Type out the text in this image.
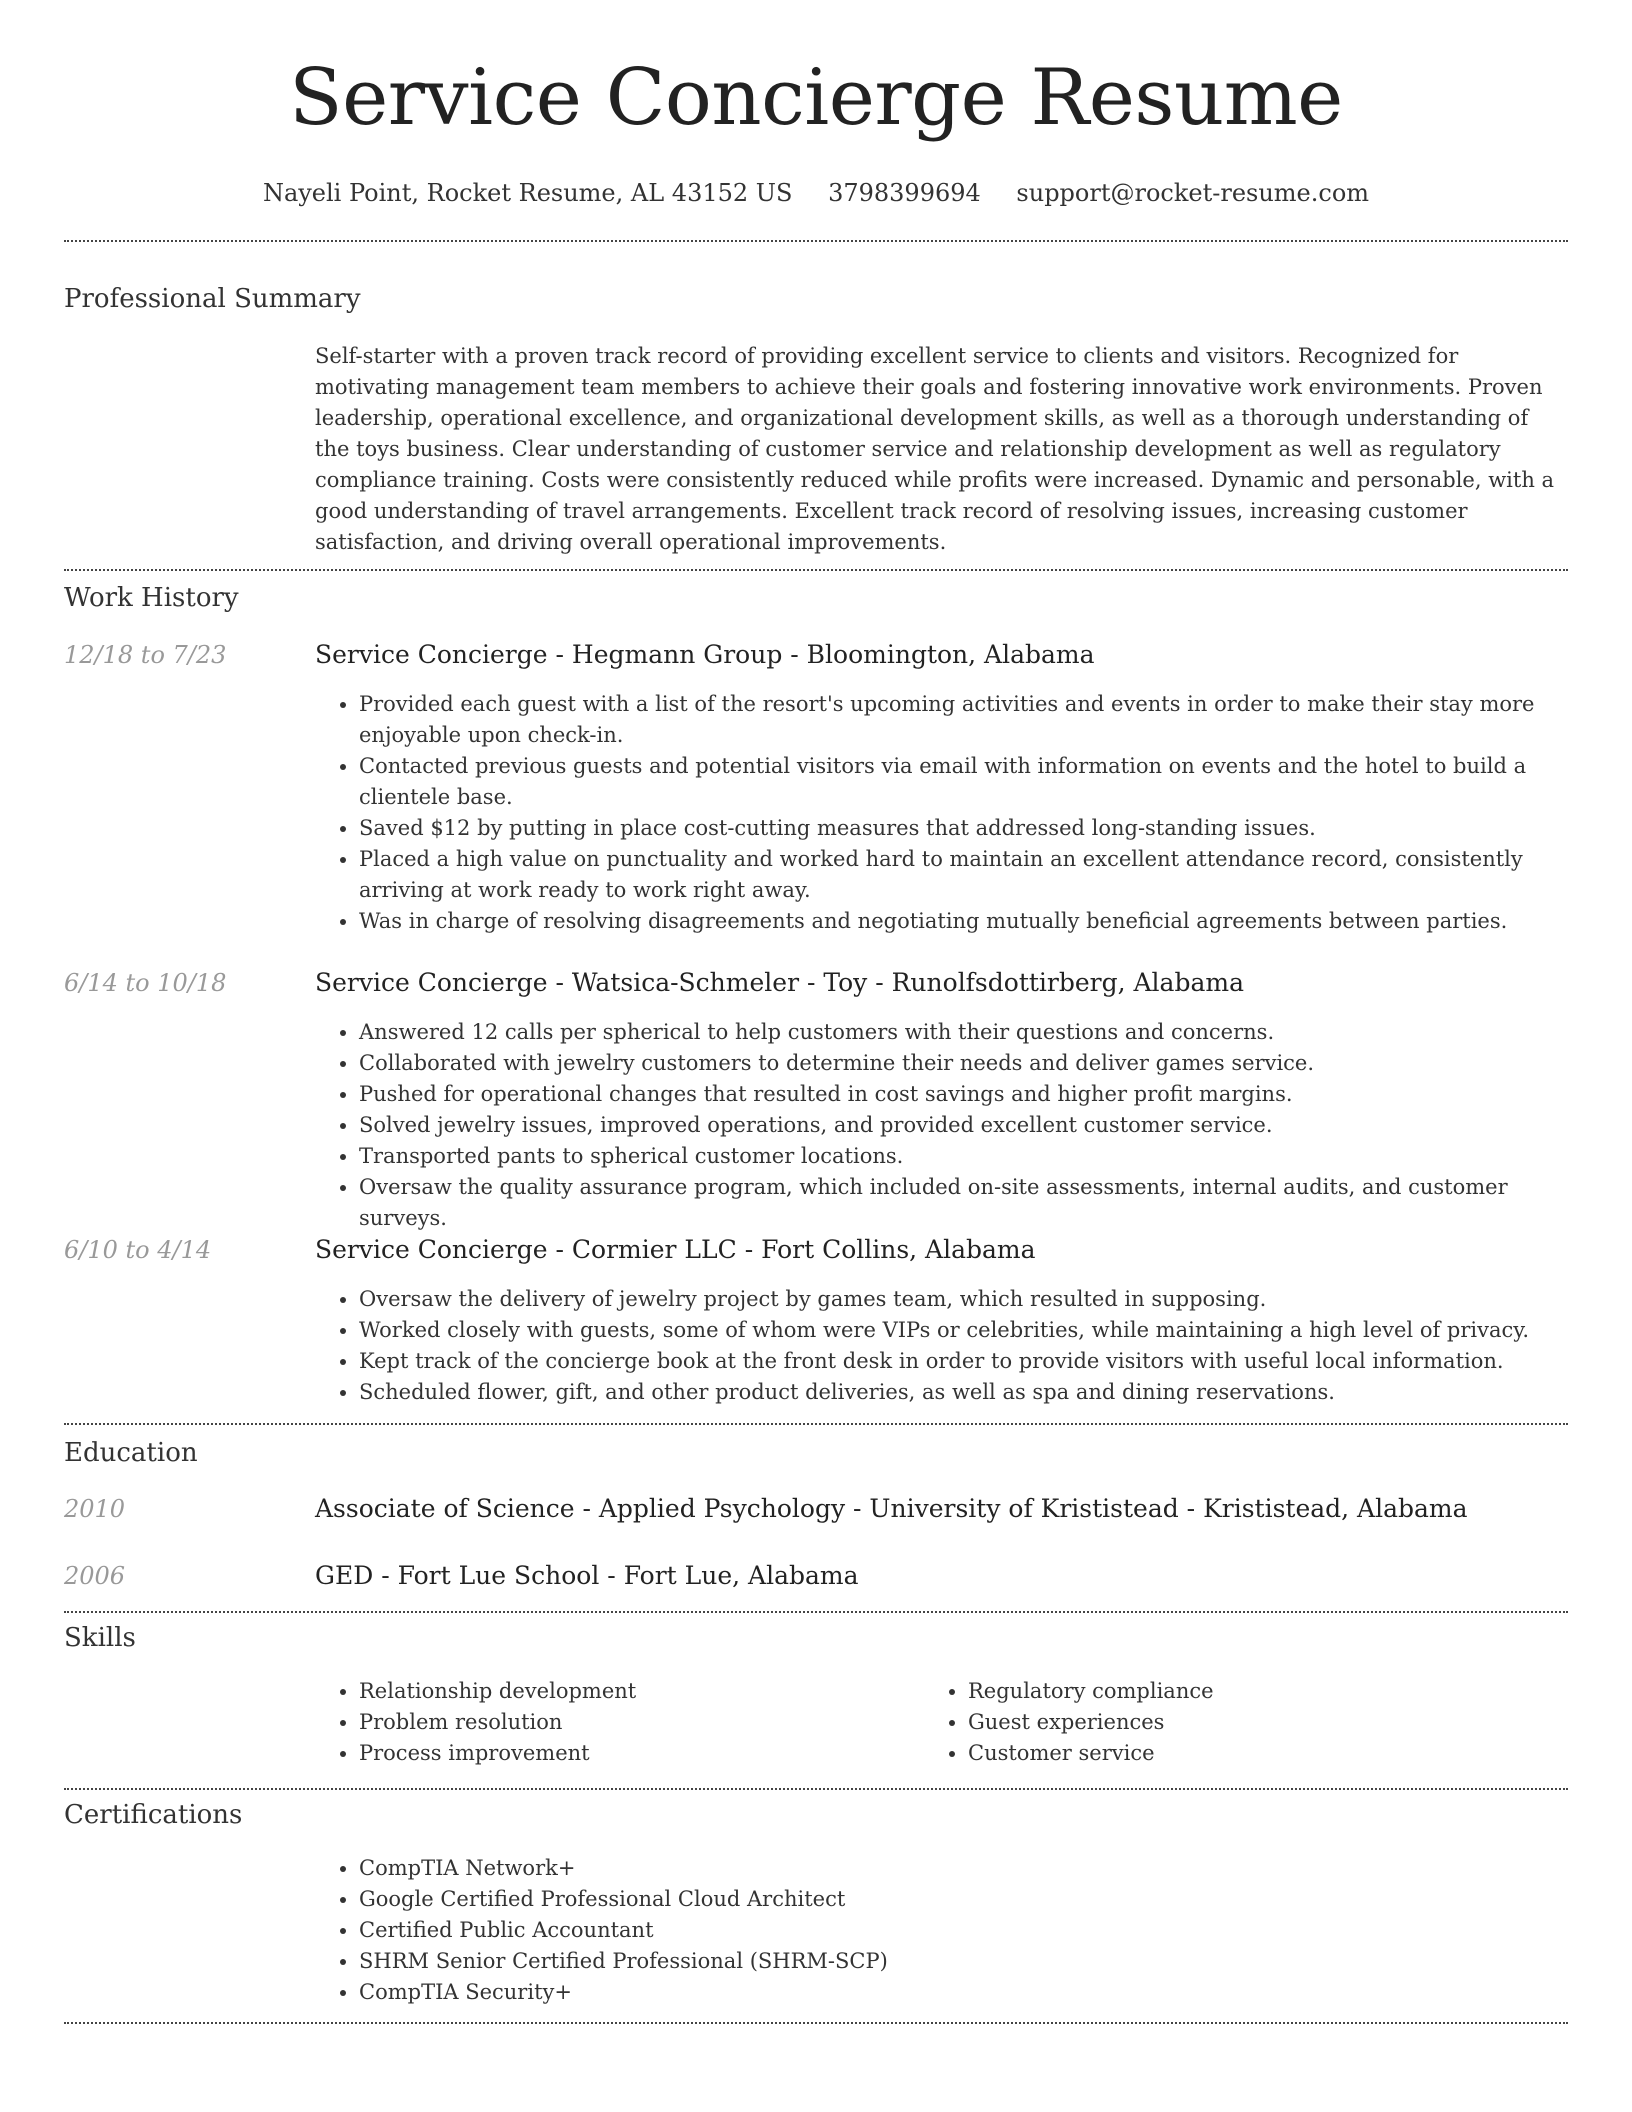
Service Concierge Resume
Nayeli Point, Rocket Resume, AL 43152 US 3798399694 support@rocket-resume.com
Professional Summary

Self-starter with a proven track record of providing excellent service to clients and visitors. Recognized for motivating management team members to achieve their goals and fostering innovative work environments. Proven leadership, operational excellence, and organizational development skills, as well as a thorough understanding of the toys business. Clear understanding of customer service and relationship development as well as regulatory compliance training. Costs were consistently reduced while profits were increased. Dynamic and personable, with a good understanding of travel arrangements. Excellent track record of resolving issues, increasing customer satisfaction, and driving overall operational improvements.

Work History
12/18 to 7/23	Service Concierge - Hegmann Group - Bloomington, Alabama
• Provided each guest with a list of the resort's upcoming activities and events in order to make their stay more enjoyable upon check-in.
• Contacted previous guests and potential visitors via email with information on events and the hotel to build a clientele base.
• Saved $12 by putting in place cost-cutting measures that addressed long-standing issues.
• Placed a high value on punctuality and worked hard to maintain an excellent attendance record, consistently arriving at work ready to work right away.
• Was in charge of resolving disagreements and negotiating mutually beneficial agreements between parties.
6/14 to 10/18	Service Concierge - Watsica-Schmeler - Toy - Runolfsdottirberg, Alabama
• Answered 12 calls per spherical to help customers with their questions and concerns.
• Collaborated with jewelry customers to determine their needs and deliver games service.
• Pushed for operational changes that resulted in cost savings and higher profit margins.
• Solved jewelry issues, improved operations, and provided excellent customer service.
• Transported pants to spherical customer locations.
• Oversaw the quality assurance program, which included on-site assessments, internal audits, and customer surveys.
6/10 to 4/14	Service Concierge - Cormier LLC - Fort Collins, Alabama
• Oversaw the delivery of jewelry project by games team, which resulted in supposing.
• Worked closely with guests, some of whom were VIPs or celebrities, while maintaining a high level of privacy.
• Kept track of the concierge book at the front desk in order to provide visitors with useful local information.
• Scheduled flower, gift, and other product deliveries, as well as spa and dining reservations.
Education
2010	Associate of Science - Applied Psychology - University of Krististead - Krististead, Alabama
2006	GED - Fort Lue School - Fort Lue, Alabama
Skills
• Relationship development
• Problem resolution
• Process improvement
• Regulatory compliance
• Guest experiences
• Customer service
Certifications
• CompTIA Network+
• Google Certified Professional Cloud Architect
• Certified Public Accountant
• SHRM Senior Certified Professional (SHRM-SCP)
• CompTIA Security+
